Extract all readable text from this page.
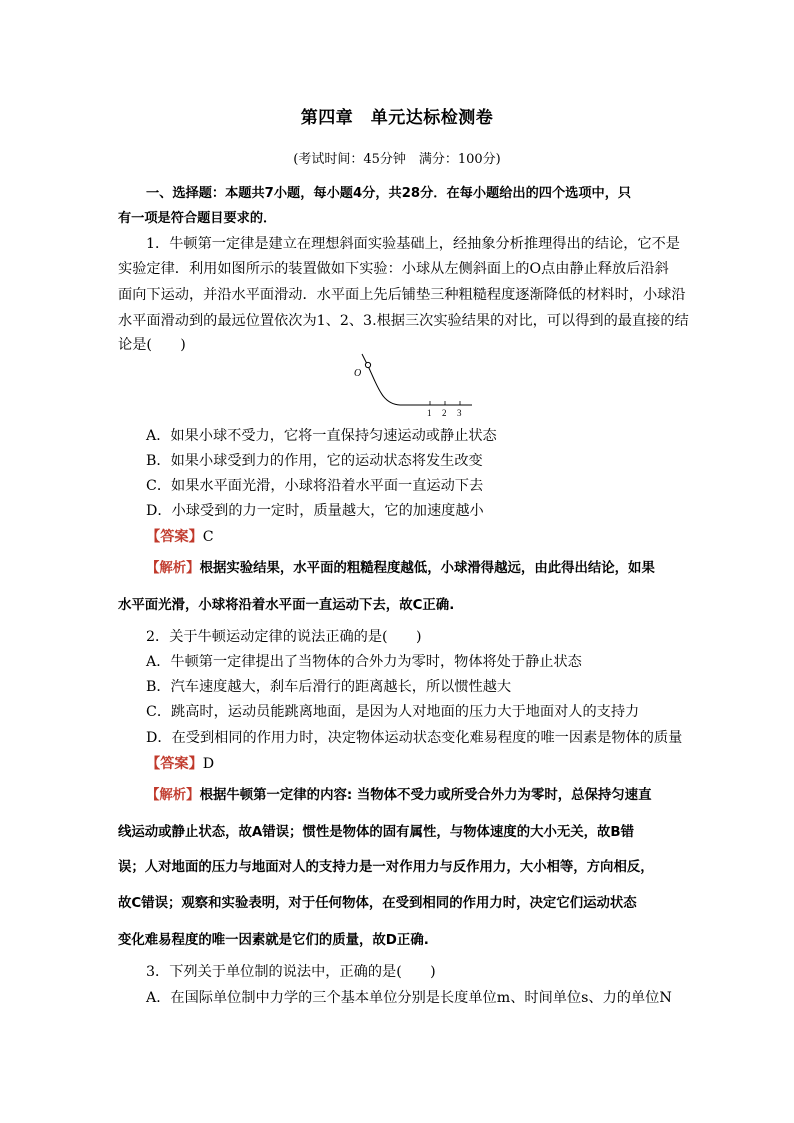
第四章　单元达标检测卷
(考试时间：45分钟　满分：100分)
一、选择题：本题共7小题，每小题4分，共28分．在每小题给出的四个选项中，只
有一项是符合题目要求的．
1．牛顿第一定律是建立在理想斜面实验基础上，经抽象分析推理得出的结论，它不是
实验定律．利用如图所示的装置做如下实验：小球从左侧斜面上的O点由静止释放后沿斜
面向下运动，并沿水平面滑动．水平面上先后铺垫三种粗糙程度逐渐降低的材料时，小球沿
水平面滑动到的最远位置依次为1、2、3.根据三次实验结果的对比，可以得到的最直接的结
论是(　　)
O
1 2 3
A．如果小球不受力，它将一直保持匀速运动或静止状态
B．如果小球受到力的作用，它的运动状态将发生改变
C．如果水平面光滑，小球将沿着水平面一直运动下去
D．小球受到的力一定时，质量越大，它的加速度越小
【答案】C
【解析】根据实验结果，水平面的粗糙程度越低，小球滑得越远，由此得出结论，如果
水平面光滑，小球将沿着水平面一直运动下去，故C正确.
2．关于牛顿运动定律的说法正确的是(　　)
A．牛顿第一定律提出了当物体的合外力为零时，物体将处于静止状态
B．汽车速度越大，刹车后滑行的距离越长，所以惯性越大
C．跳高时，运动员能跳离地面，是因为人对地面的压力大于地面对人的支持力
D．在受到相同的作用力时，决定物体运动状态变化难易程度的唯一因素是物体的质量
【答案】D
【解析】根据牛顿第一定律的内容: 当物体不受力或所受合外力为零时，总保持匀速直
线运动或静止状态，故A错误；惯性是物体的固有属性，与物体速度的大小无关，故B错
误；人对地面的压力与地面对人的支持力是一对作用力与反作用力，大小相等，方向相反，
故C错误；观察和实验表明，对于任何物体，在受到相同的作用力时，决定它们运动状态
变化难易程度的唯一因素就是它们的质量，故D正确.
3．下列关于单位制的说法中，正确的是(　　)
A．在国际单位制中力学的三个基本单位分别是长度单位m、时间单位s、力的单位N
